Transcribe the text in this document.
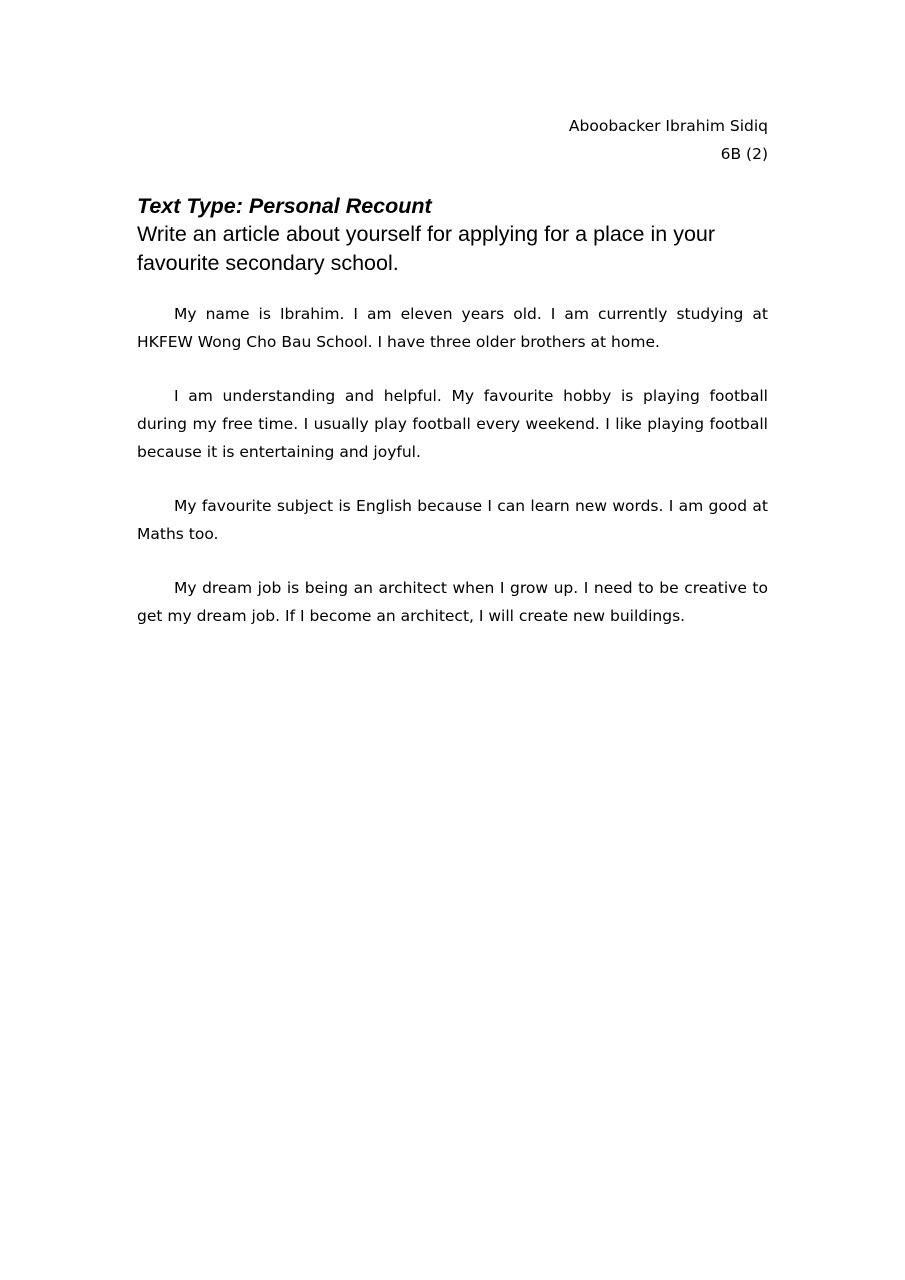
Aboobacker Ibrahim Sidiq
6B (2)
Text Type: Personal Recount
Write an article about yourself for applying for a place in your favourite secondary school.

My name is Ibrahim. I am eleven years old. I am currently studying at HKFEW Wong Cho Bau School. I have three older brothers at home.

I am understanding and helpful. My favourite hobby is playing football during my free time. I usually play football every weekend. I like playing football because it is entertaining and joyful.

My favourite subject is English because I can learn new words. I am good at Maths too.

My dream job is being an architect when I grow up. I need to be creative to get my dream job. If I become an architect, I will create new buildings.
